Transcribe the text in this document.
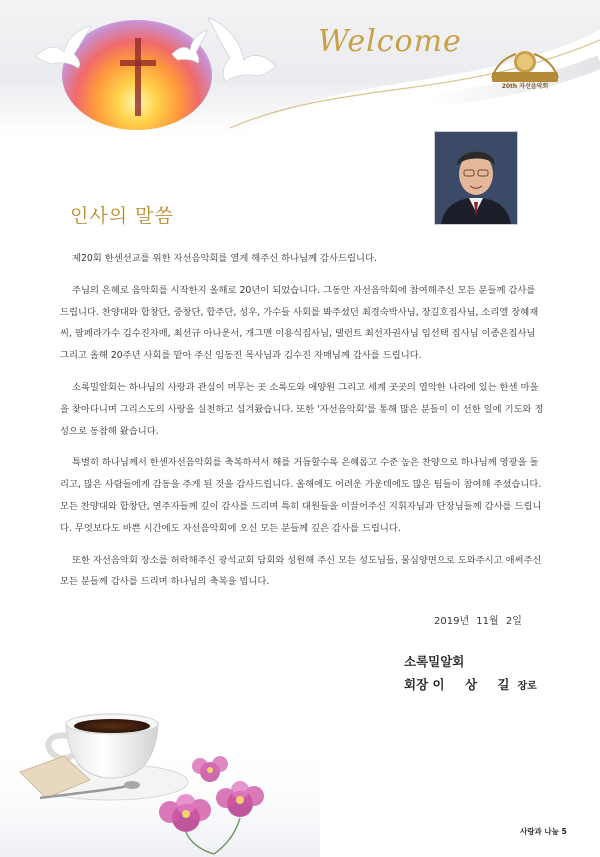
Welcome
20th 자선음악회
인사의 말씀

제20회 한센선교를 위한 자선음악회를 열게 해주신 하나님께 감사드립니다.

주님의 은혜로 음악회를 시작한지 올해로 20년이 되었습니다. 그동안 자선음악회에 참여해주신 모든 분들께 감사를 드립니다. 찬양대와 합창단, 중창단, 합주단, 성우, 가수들 사회를 봐주셨던 최경숙박사님, 장길호집사님, 소리엘 장혜재씨, 팝페라가수 김수진자매, 최선규 아나운서, 개그맨 이용식집사님, 탤런트 최선자권사님 임선택 집사님 이종은집사님 그리고 올해 20주년 사회를 맡아 주신 임동진 목사님과 김수진 자매님께 감사를 드립니다.

소록밀알회는 하나님의 사랑과 관심이 머무는 곳 소록도와 애양원 그리고 세계 곳곳의 열악한 나라에 있는 한센 마을을 찾아다니며 그리스도의 사랑을 실천하고 섬겨왔습니다. 또한 '자선음악회'를 통해 많은 분들이 이 선한 일에 기도와 정성으로 동참해 왔습니다.

특별히 하나님께서 한센자선음악회를 축복하셔서 해를 거듭할수록 은혜롭고 수준 높은 찬양으로 하나님께 영광을 돌리고, 많은 사람들에게 감동을 주게 된 것을 감사드립니다. 올해에도 어려운 가운데에도 많은 팀들이 참여해 주셨습니다. 모든 찬양대와 합창단, 연주자들께 깊이 감사를 드리며 특히 대원들을 이끌어주신 지휘자님과 단장님들께 감사를 드립니다. 무엇보다도 바쁜 시간에도 자선음악회에 오신 모든 분들께 깊은 감사를 드립니다.

또한 자선음악회 장소를 허락해주신 광석교회 담회와 성원해 주신 모든 성도님들, 물심양면으로 도와주시고 애써주신 모든 분들께 감사를 드리며 하나님의 축복을 빕니다.

2019년 11월 2일
소록밀알회
회장 이 상 길장로
사랑과 나눔 5
